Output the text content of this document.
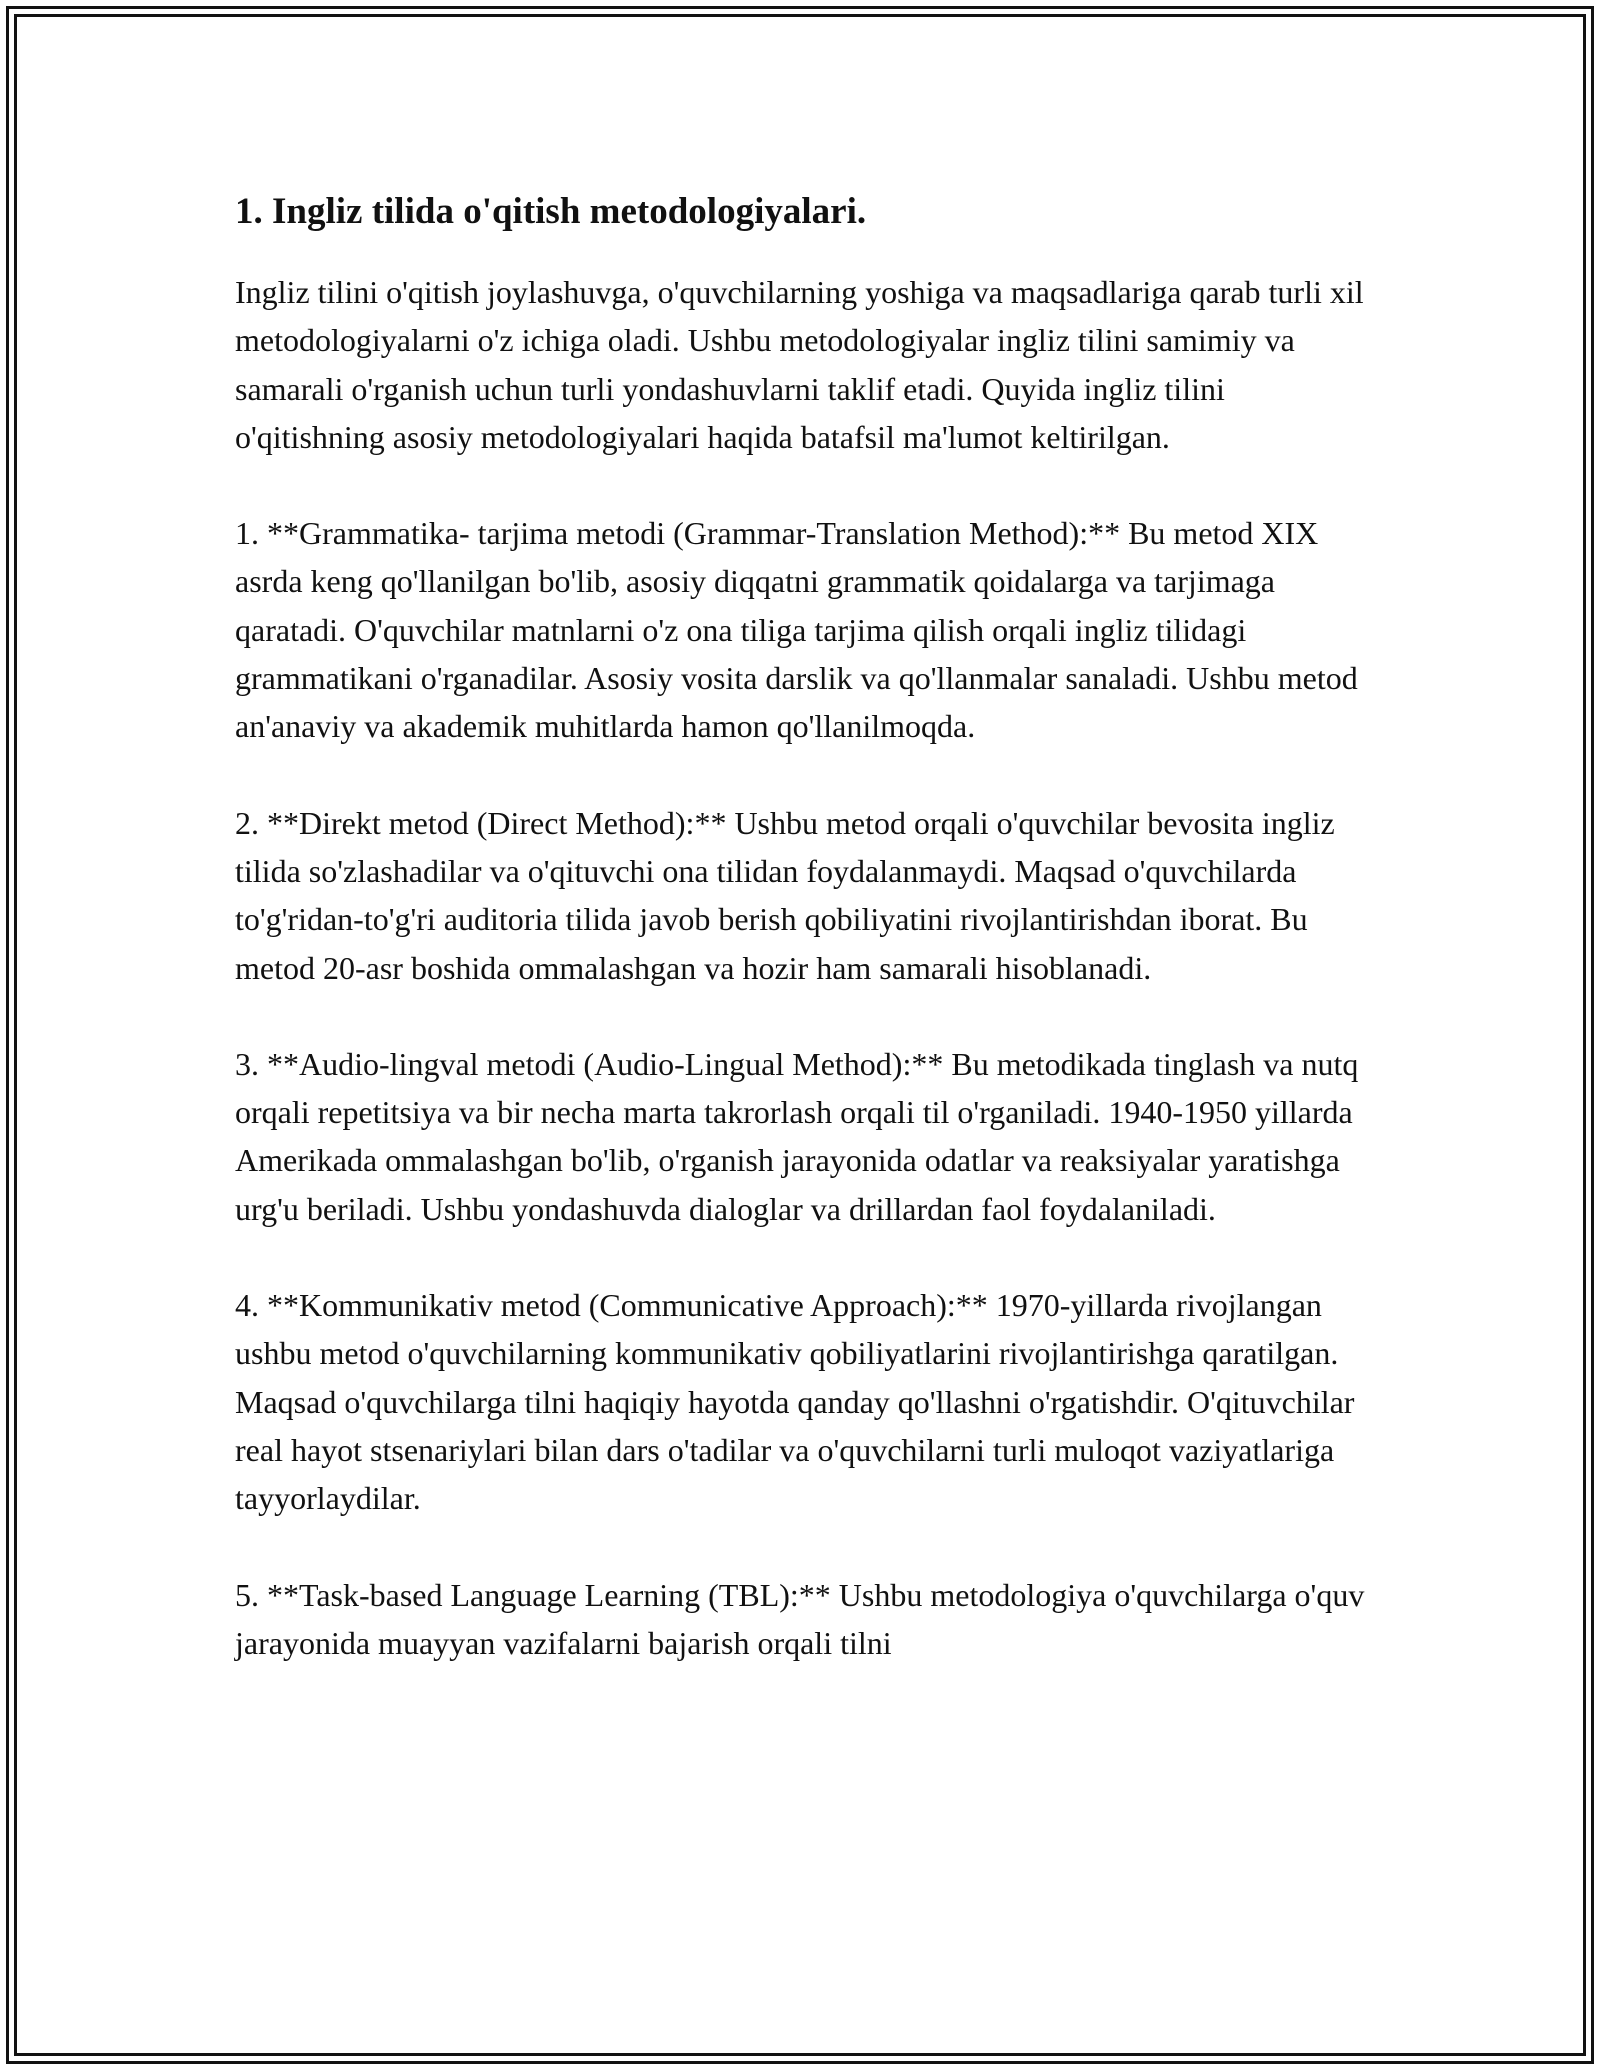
1. Ingliz tilida o'qitish metodologiyalari.

Ingliz tilini o'qitish joylashuvga, o'quvchilarning yoshiga va maqsadlariga qarab turli xil metodologiyalarni o'z ichiga oladi. Ushbu metodologiyalar ingliz tilini samimiy va samarali o'rganish uchun turli yondashuvlarni taklif etadi. Quyida ingliz tilini o'qitishning asosiy metodologiyalari haqida batafsil ma'lumot keltirilgan.

1. **Grammatika- tarjima metodi (Grammar-Translation Method):** Bu metod XIX asrda keng qo'llanilgan bo'lib, asosiy diqqatni grammatik qoidalarga va tarjimaga qaratadi. O'quvchilar matnlarni o'z ona tiliga tarjima qilish orqali ingliz tilidagi grammatikani o'rganadilar. Asosiy vosita darslik va qo'llanmalar sanaladi. Ushbu metod an'anaviy va akademik muhitlarda hamon qo'llanilmoqda.

2. **Direkt metod (Direct Method):** Ushbu metod orqali o'quvchilar bevosita ingliz tilida so'zlashadilar va o'qituvchi ona tilidan foydalanmaydi. Maqsad o'quvchilarda to'g'ridan-to'g'ri auditoria tilida javob berish qobiliyatini rivojlantirishdan iborat. Bu metod 20-asr boshida ommalashgan va hozir ham samarali hisoblanadi.

3. **Audio-lingval metodi (Audio-Lingual Method):** Bu metodikada tinglash va nutq orqali repetitsiya va bir necha marta takrorlash orqali til o'rganiladi. 1940-1950 yillarda Amerikada ommalashgan bo'lib, o'rganish jarayonida odatlar va reaksiyalar yaratishga urg'u beriladi. Ushbu yondashuvda dialoglar va drillardan faol foydalaniladi.

4. **Kommunikativ metod (Communicative Approach):** 1970-yillarda rivojlangan ushbu metod o'quvchilarning kommunikativ qobiliyatlarini rivojlantirishga qaratilgan. Maqsad o'quvchilarga tilni haqiqiy hayotda qanday qo'llashni o'rgatishdir. O'qituvchilar real hayot stsenariylari bilan dars o'tadilar va o'quvchilarni turli muloqot vaziyatlariga tayyorlaydilar.

5. **Task-based Language Learning (TBL):** Ushbu metodologiya o'quvchilarga o'quv jarayonida muayyan vazifalarni bajarish orqali tilni
